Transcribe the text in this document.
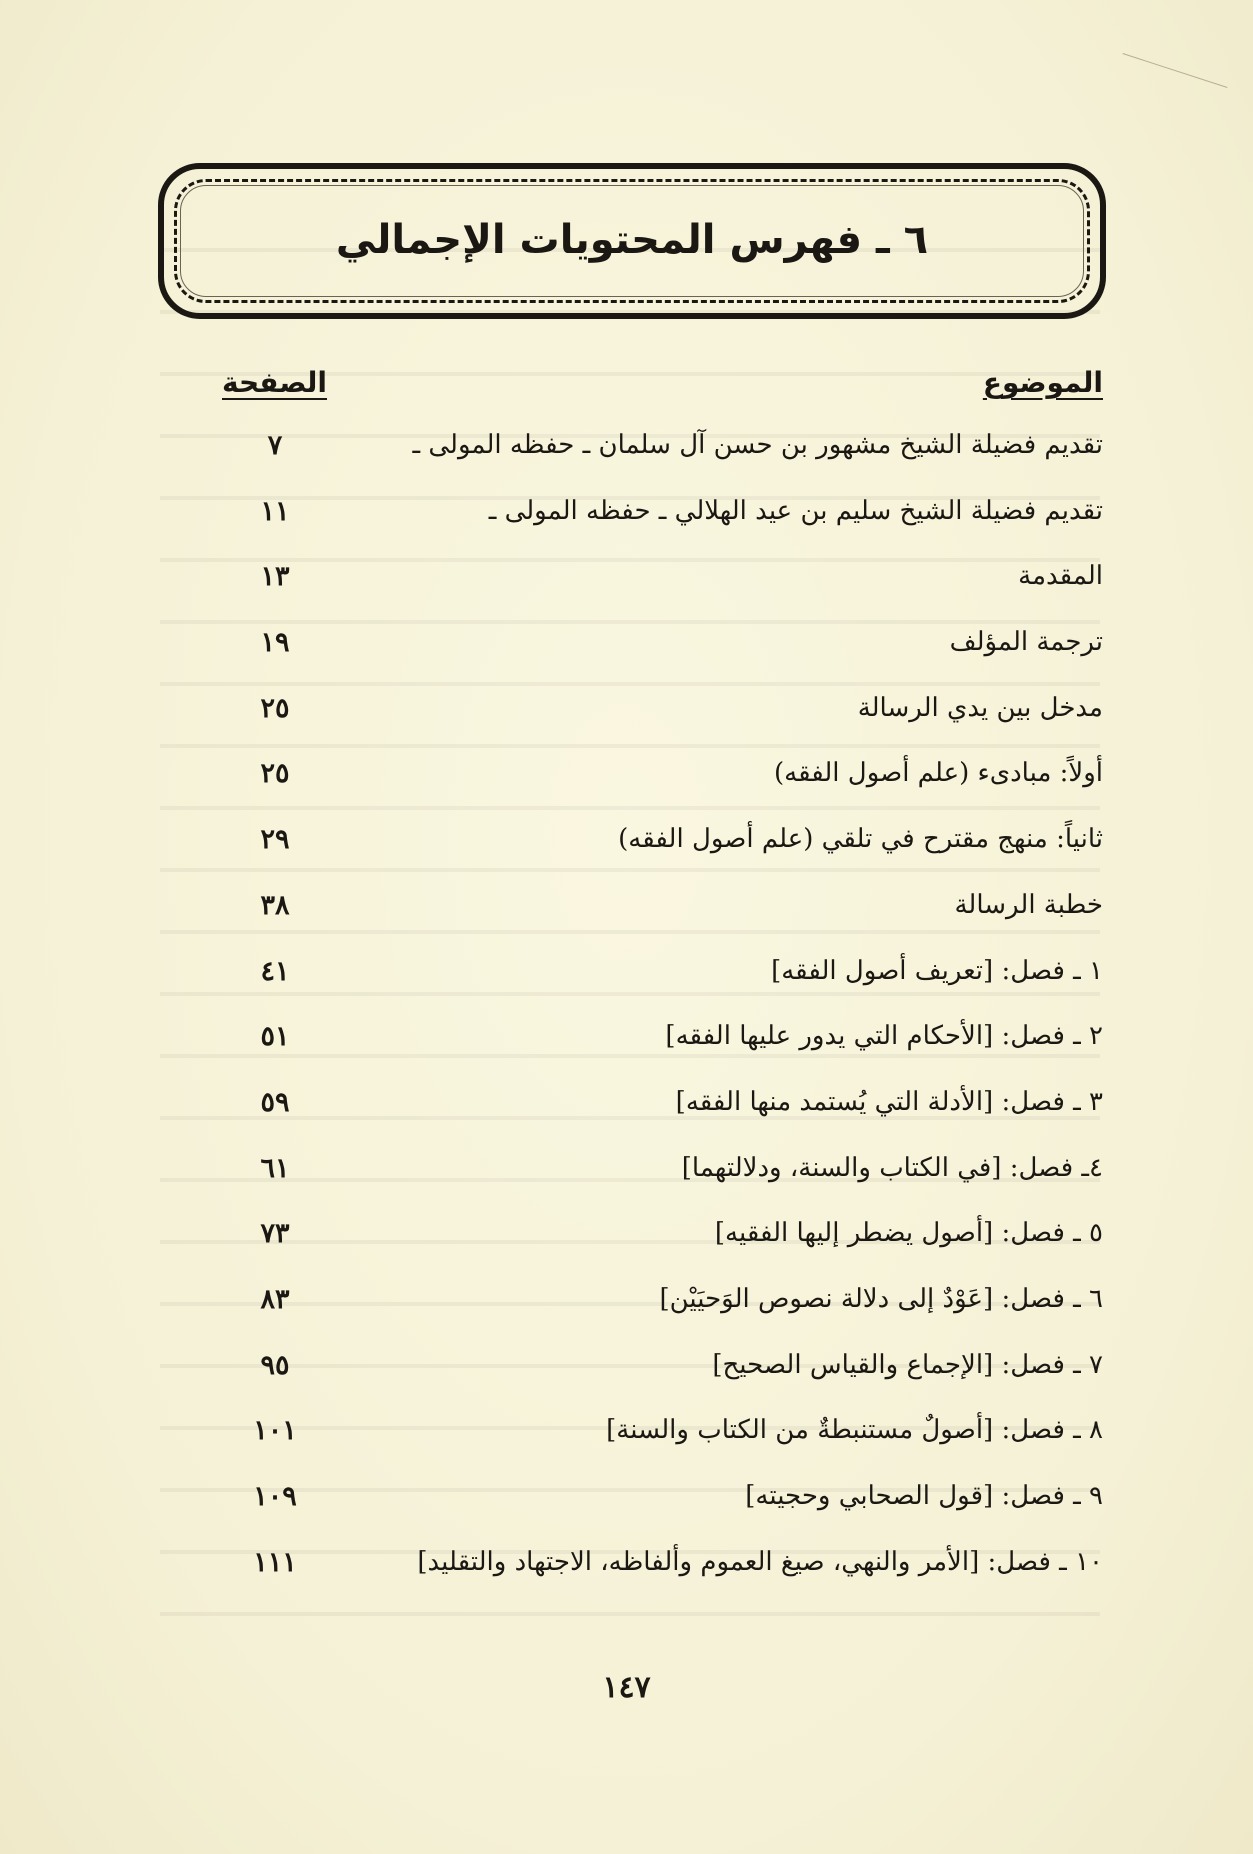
٦ ـ فهرس المحتويات الإجمالي
الموضوع
الصفحة
تقديم فضيلة الشيخ مشهور بن حسن آل سلمان ـ حفظه المولى ـ
٧
تقديم فضيلة الشيخ سليم بن عيد الهلالي ـ حفظه المولى ـ
١١
المقدمة
١٣
ترجمة المؤلف
١٩
مدخل بين يدي الرسالة
٢٥
أولاً: مبادىء (علم أصول الفقه)
٢٥
ثانياً: منهج مقترح في تلقي (علم أصول الفقه)
٢٩
خطبة الرسالة
٣٨
١ ـ فصل: [تعريف أصول الفقه]
٤١
٢ ـ فصل: [الأحكام التي يدور عليها الفقه]
٥١
٣ ـ فصل: [الأدلة التي يُستمد منها الفقه]
٥٩
٤ـ فصل: [في الكتاب والسنة، ودلالتهما]
٦١
٥ ـ فصل: [أصول يضطر إليها الفقيه]
٧٣
٦ ـ فصل: [عَوْدٌ إلى دلالة نصوص الوَحيَيْن]
٨٣
٧ ـ فصل: [الإجماع والقياس الصحيح]
٩٥
٨ ـ فصل: [أصولٌ مستنبطةٌ من الكتاب والسنة]
١٠١
٩ ـ فصل: [قول الصحابي وحجيته]
١٠٩
١٠ ـ فصل: [الأمر والنهي، صيغ العموم وألفاظه، الاجتهاد والتقليد]
١١١
١٤٧
